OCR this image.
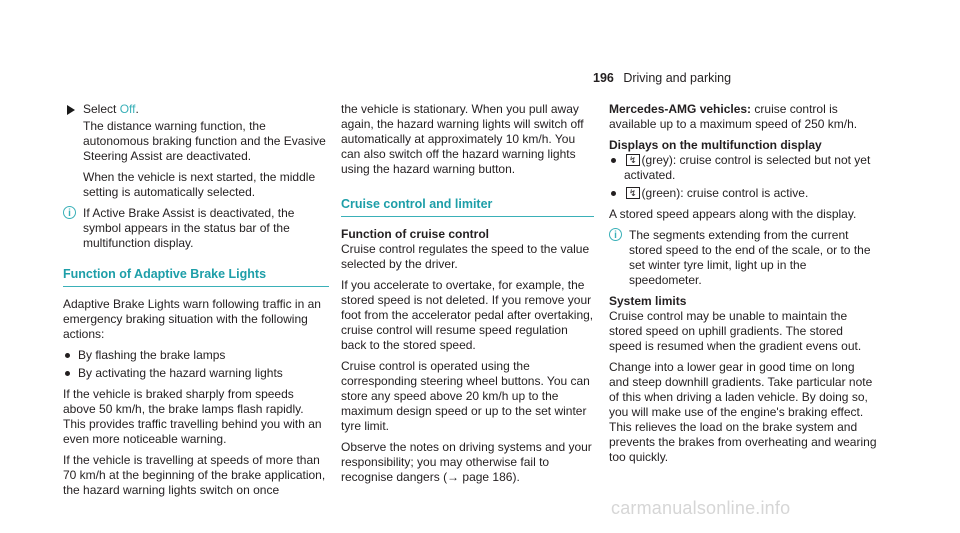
196 Driving and parking

Select Off.

The distance warning function, the autonomous braking function and the Evasive Steering Assist are deactivated.

When the vehicle is next started, the middle setting is automatically selected.

i	If Active Brake Assist is deactivated, the symbol appears in the status bar of the multifunction display.
Function of Adaptive Brake Lights

Adaptive Brake Lights warn following traffic in an emergency braking situation with the following actions:

By flashing the brake lamps
By activating the hazard warning lights

If the vehicle is braked sharply from speeds above 50 km/h, the brake lamps flash rapidly. This provides traffic travelling behind you with an even more noticeable warning.

If the vehicle is travelling at speeds of more than 70 km/h at the beginning of the brake application, the hazard warning lights switch on once

the vehicle is stationary. When you pull away again, the hazard warning lights will switch off automatically at approximately 10 km/h. You can also switch off the hazard warning lights using the hazard warning button.

Cruise control and limiter

Function of cruise control

Cruise control regulates the speed to the value selected by the driver.

If you accelerate to overtake, for example, the stored speed is not deleted. If you remove your foot from the accelerator pedal after overtaking, cruise control will resume speed regulation back to the stored speed.

Cruise control is operated using the corresponding steering wheel buttons. You can store any speed above 20 km/h up to the maximum design speed or up to the set winter tyre limit.

Observe the notes on driving systems and your responsibility; you may otherwise fail to recognise dangers (→ page 186).

Mercedes-AMG vehicles: cruise control is available up to a maximum speed of 250 km/h.

Displays on the multifunction display

↯ (grey): cruise control is selected but not yet activated.
↯ (green): cruise control is active.

A stored speed appears along with the display.

i	The segments extending from the current stored speed to the end of the scale, or to the set winter tyre limit, light up in the speedometer.

System limits

Cruise control may be unable to maintain the stored speed on uphill gradients. The stored speed is resumed when the gradient evens out.

Change into a lower gear in good time on long and steep downhill gradients. Take particular note of this when driving a laden vehicle. By doing so, you will make use of the engine's braking effect. This relieves the load on the brake system and prevents the brakes from overheating and wearing too quickly.

carmanualsonline.info
